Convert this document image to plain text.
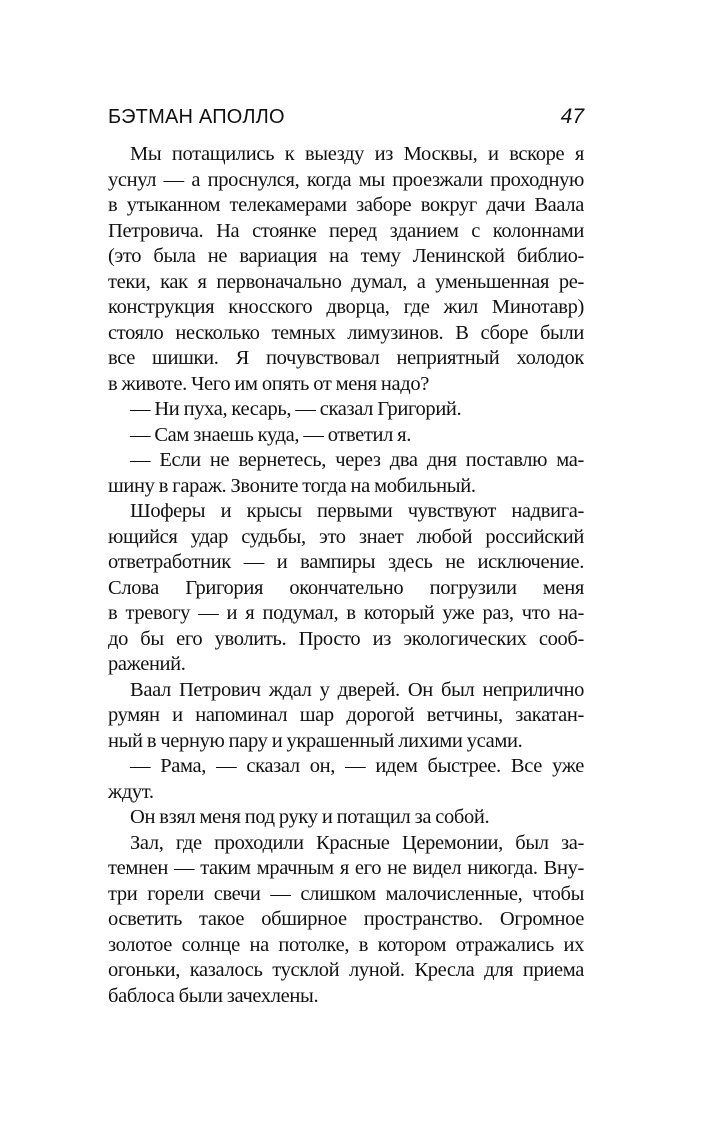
БЭТМАН АПОЛЛО	47

Мы потащились к выезду из Москвы, и вскоре я
уснул — а проснулся, когда мы проезжали проходную
в утыканном телекамерами заборе вокруг дачи Ваала
Петровича. На стоянке перед зданием с колоннами
(это была не вариация на тему Ленинской библио-
теки, как я первоначально думал, а уменьшенная ре-
конструкция кносского дворца, где жил Минотавр)
стояло несколько темных лимузинов. В сборе были
все шишки. Я почувствовал неприятный холодок
в животе. Чего им опять от меня надо?

— Ни пуха, кесарь, — сказал Григорий.

— Сам знаешь куда, — ответил я.

— Если не вернетесь, через два дня поставлю ма-
шину в гараж. Звоните тогда на мобильный.

Шоферы и крысы первыми чувствуют надвига-
ющийся удар судьбы, это знает любой российский
ответработник — и вампиры здесь не исключение.
Слова Григория окончательно погрузили меня
в тревогу — и я подумал, в который уже раз, что на-
до бы его уволить. Просто из экологических сооб-
ражений.

Ваал Петрович ждал у дверей. Он был неприлично
румян и напоминал шар дорогой ветчины, закатан-
ный в черную пару и украшенный лихими усами.

— Рама, — сказал он, — идем быстрее. Все уже
ждут.

Он взял меня под руку и потащил за собой.

Зал, где проходили Красные Церемонии, был за-
темнен — таким мрачным я его не видел никогда. Вну-
три горели свечи — слишком малочисленные, чтобы
осветить такое обширное пространство. Огромное
золотое солнце на потолке, в котором отражались их
огоньки, казалось тусклой луной. Кресла для приема
баблоса были зачехлены.
